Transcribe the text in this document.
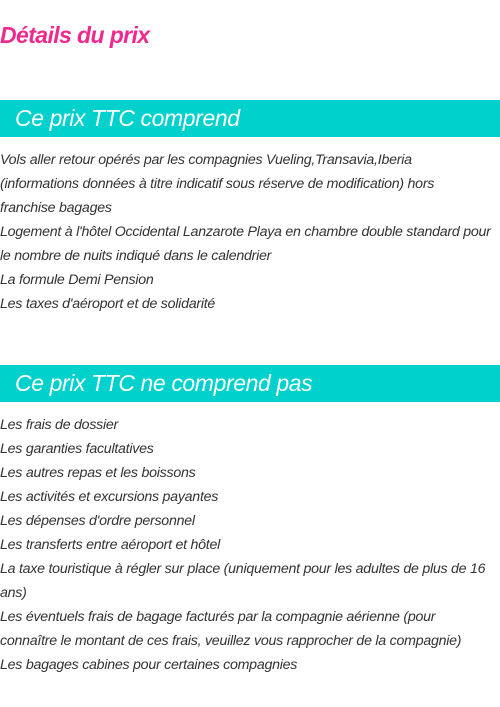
Détails du prix
Ce prix TTC comprend
Vols aller retour opérés par les compagnies Vueling,Transavia,Iberia (informations données à titre indicatif sous réserve de modification) hors franchise bagages
Logement à l'hôtel Occidental Lanzarote Playa en chambre double standard pour le nombre de nuits indiqué dans le calendrier
La formule Demi Pension
Les taxes d'aéroport et de solidarité
Ce prix TTC ne comprend pas
Les frais de dossier
Les garanties facultatives
Les autres repas et les boissons
Les activités et excursions payantes
Les dépenses d'ordre personnel
Les transferts entre aéroport et hôtel
La taxe touristique à régler sur place (uniquement pour les adultes de plus de 16 ans)
Les éventuels frais de bagage facturés par la compagnie aérienne (pour connaître le montant de ces frais, veuillez vous rapprocher de la compagnie)
Les bagages cabines pour certaines compagnies
